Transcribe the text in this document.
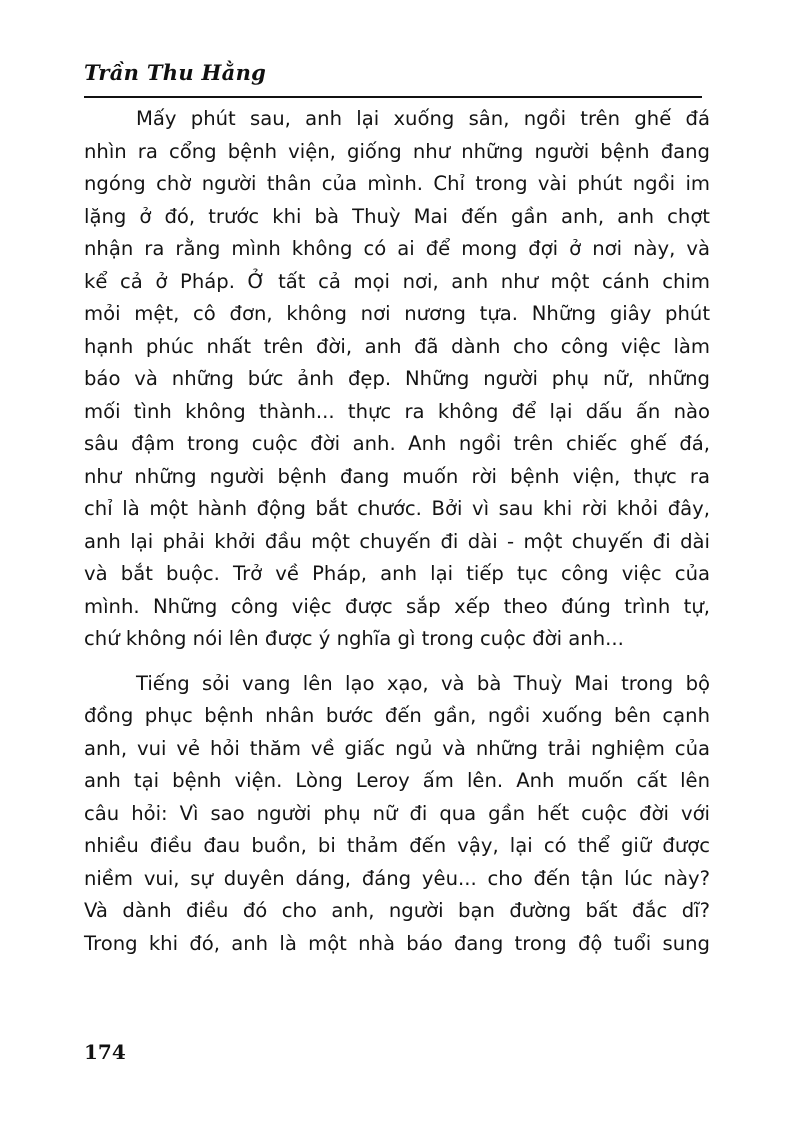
Trần Thu Hằng
Mấy phút sau, anh lại xuống sân, ngồi trên ghế đá
nhìn ra cổng bệnh viện, giống như những người bệnh đang
ngóng chờ người thân của mình. Chỉ trong vài phút ngồi im
lặng ở đó, trước khi bà Thuỳ Mai đến gần anh, anh chợt
nhận ra rằng mình không có ai để mong đợi ở nơi này, và
kể cả ở Pháp. Ở tất cả mọi nơi, anh như một cánh chim
mỏi mệt, cô đơn, không nơi nương tựa. Những giây phút
hạnh phúc nhất trên đời, anh đã dành cho công việc làm
báo và những bức ảnh đẹp. Những người phụ nữ, những
mối tình không thành... thực ra không để lại dấu ấn nào
sâu đậm trong cuộc đời anh. Anh ngồi trên chiếc ghế đá,
như những người bệnh đang muốn rời bệnh viện, thực ra
chỉ là một hành động bắt chước. Bởi vì sau khi rời khỏi đây,
anh lại phải khởi đầu một chuyến đi dài - một chuyến đi dài
và bắt buộc. Trở về Pháp, anh lại tiếp tục công việc của
mình. Những công việc được sắp xếp theo đúng trình tự,
chứ không nói lên được ý nghĩa gì trong cuộc đời anh...
Tiếng sỏi vang lên lạo xạo, và bà Thuỳ Mai trong bộ
đồng phục bệnh nhân bước đến gần, ngồi xuống bên cạnh
anh, vui vẻ hỏi thăm về giấc ngủ và những trải nghiệm của
anh tại bệnh viện. Lòng Leroy ấm lên. Anh muốn cất lên
câu hỏi: Vì sao người phụ nữ đi qua gần hết cuộc đời với
nhiều điều đau buồn, bi thảm đến vậy, lại có thể giữ được
niềm vui, sự duyên dáng, đáng yêu... cho đến tận lúc này?
Và dành điều đó cho anh, người bạn đường bất đắc dĩ?
Trong khi đó, anh là một nhà báo đang trong độ tuổi sung
174
